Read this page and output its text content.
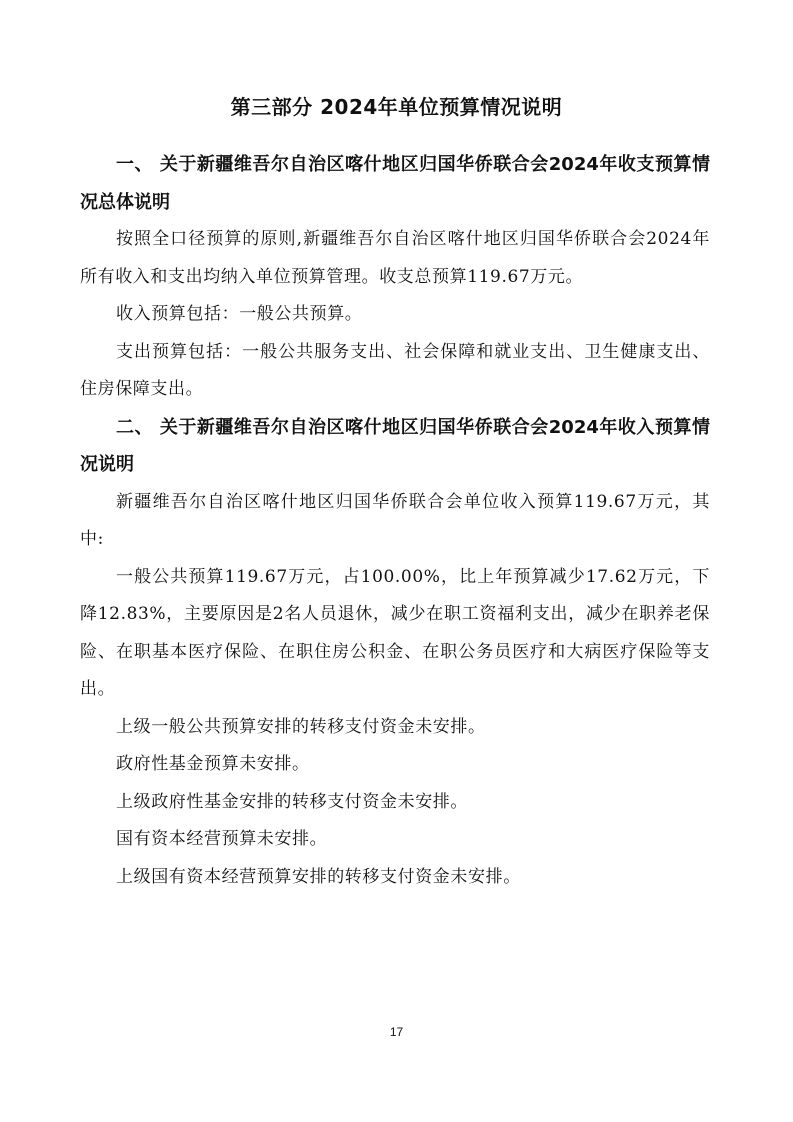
第三部分 2024年单位预算情况说明

一、 关于新疆维吾尔自治区喀什地区归国华侨联合会2024年收支预算情况总体说明

按照全口径预算的原则,新疆维吾尔自治区喀什地区归国华侨联合会2024年所有收入和支出均纳入单位预算管理。收支总预算119.67万元。

收入预算包括：一般公共预算。

支出预算包括：一般公共服务支出、社会保障和就业支出、卫生健康支出、住房保障支出。

二、 关于新疆维吾尔自治区喀什地区归国华侨联合会2024年收入预算情况说明

新疆维吾尔自治区喀什地区归国华侨联合会单位收入预算119.67万元，其中:

一般公共预算119.67万元，占100.00%，比上年预算减少17.62万元，下降12.83%，主要原因是2名人员退休，减少在职工资福利支出，减少在职养老保险、在职基本医疗保险、在职住房公积金、在职公务员医疗和大病医疗保险等支出。

上级一般公共预算安排的转移支付资金未安排。

政府性基金预算未安排。

上级政府性基金安排的转移支付资金未安排。

国有资本经营预算未安排。

上级国有资本经营预算安排的转移支付资金未安排。

17
